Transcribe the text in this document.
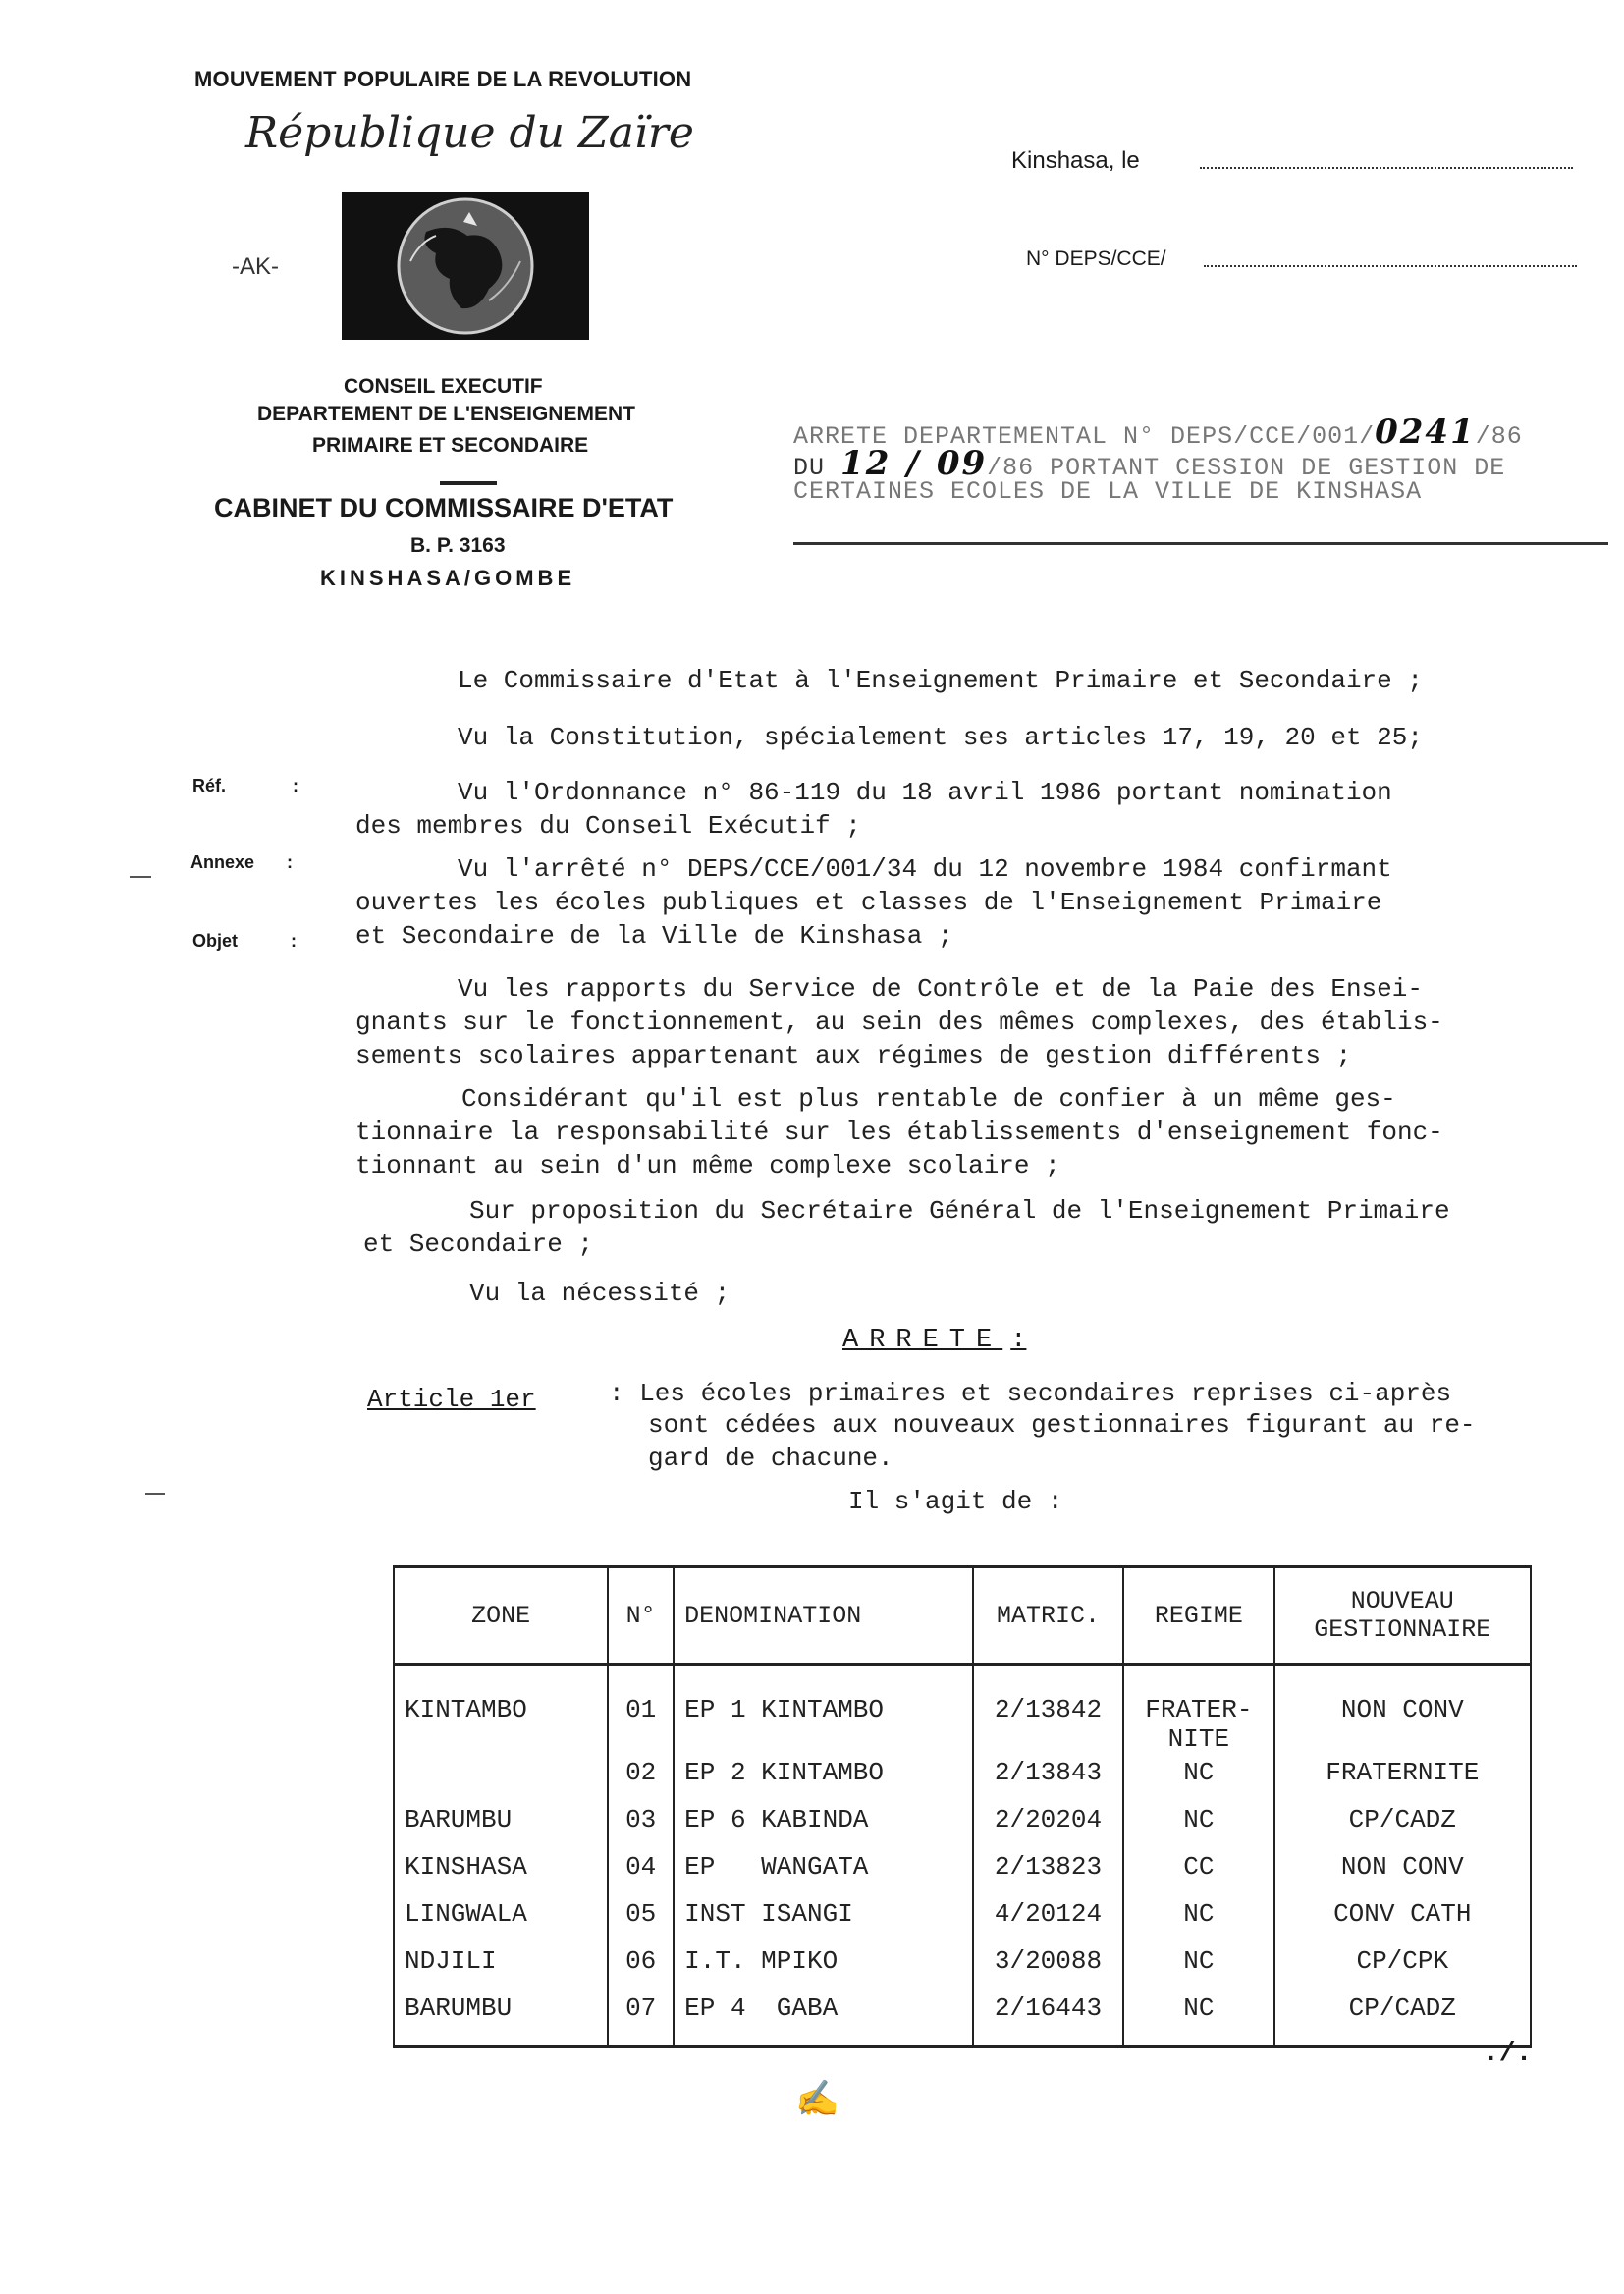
MOUVEMENT POPULAIRE DE LA REVOLUTION
République du Zaïre
-AK-
CONSEIL EXECUTIF
DEPARTEMENT DE L'ENSEIGNEMENT
PRIMAIRE ET SECONDAIRE
CABINET DU COMMISSAIRE D'ETAT
B. P. 3163
KINSHASA/GOMBE
Kinshasa, le
N° DEPS/CCE/
ARRETE DEPARTEMENTAL N° DEPS/CCE/001/0241/86
DU 12 / 09/86 PORTANT CESSION DE GESTION DE
CERTAINES ECOLES DE LA VILLE DE KINSHASA
Réf.	:
Annexe :
Objet	:
Le Commissaire d'Etat à l'Enseignement Primaire et Secondaire ;
Vu la Constitution, spécialement ses articles 17, 19, 20 et 25;
Vu l'Ordonnance n° 86-119 du 18 avril 1986 portant nomination
des membres du Conseil Exécutif ;
Vu l'arrêté n° DEPS/CCE/001/34 du 12 novembre 1984 confirmant
ouvertes les écoles publiques et classes de l'Enseignement Primaire
et Secondaire de la Ville de Kinshasa ;
Vu les rapports du Service de Contrôle et de la Paie des Ensei-
gnants sur le fonctionnement, au sein des mêmes complexes, des établis-
sements scolaires appartenant aux régimes de gestion différents ;
Considérant qu'il est plus rentable de confier à un même ges-
tionnaire la responsabilité sur les établissements d'enseignement fonc-
tionnant au sein d'un même complexe scolaire ;
Sur proposition du Secrétaire Général de l'Enseignement Primaire
et Secondaire ;
Vu la nécessité ;
ARRETE :
Article 1er	: Les écoles primaires et secondaires reprises ci-après
sont cédées aux nouveaux gestionnaires figurant au re-
gard de chacune.
Il s'agit de :
ZONE	N°	DENOMINATION	MATRIC.	REGIME	NOUVEAU
GESTIONNAIRE
KINTAMBO	01	EP 1 KINTAMBO	2/13842	FRATER-
NITE	NON CONV
	02	EP 2 KINTAMBO	2/13843	NC	FRATERNITE
BARUMBU	03	EP 6 KABINDA	2/20204	NC	CP/CADZ
KINSHASA	04	EP   WANGATA	2/13823	CC	NON CONV
LINGWALA	05	INST ISANGI	4/20124	NC	CONV CATH
NDJILI	06	I.T. MPIKO	3/20088	NC	CP/CPK
BARUMBU	07	EP 4  GABA	2/16443	NC	CP/CADZ
./.
✍
